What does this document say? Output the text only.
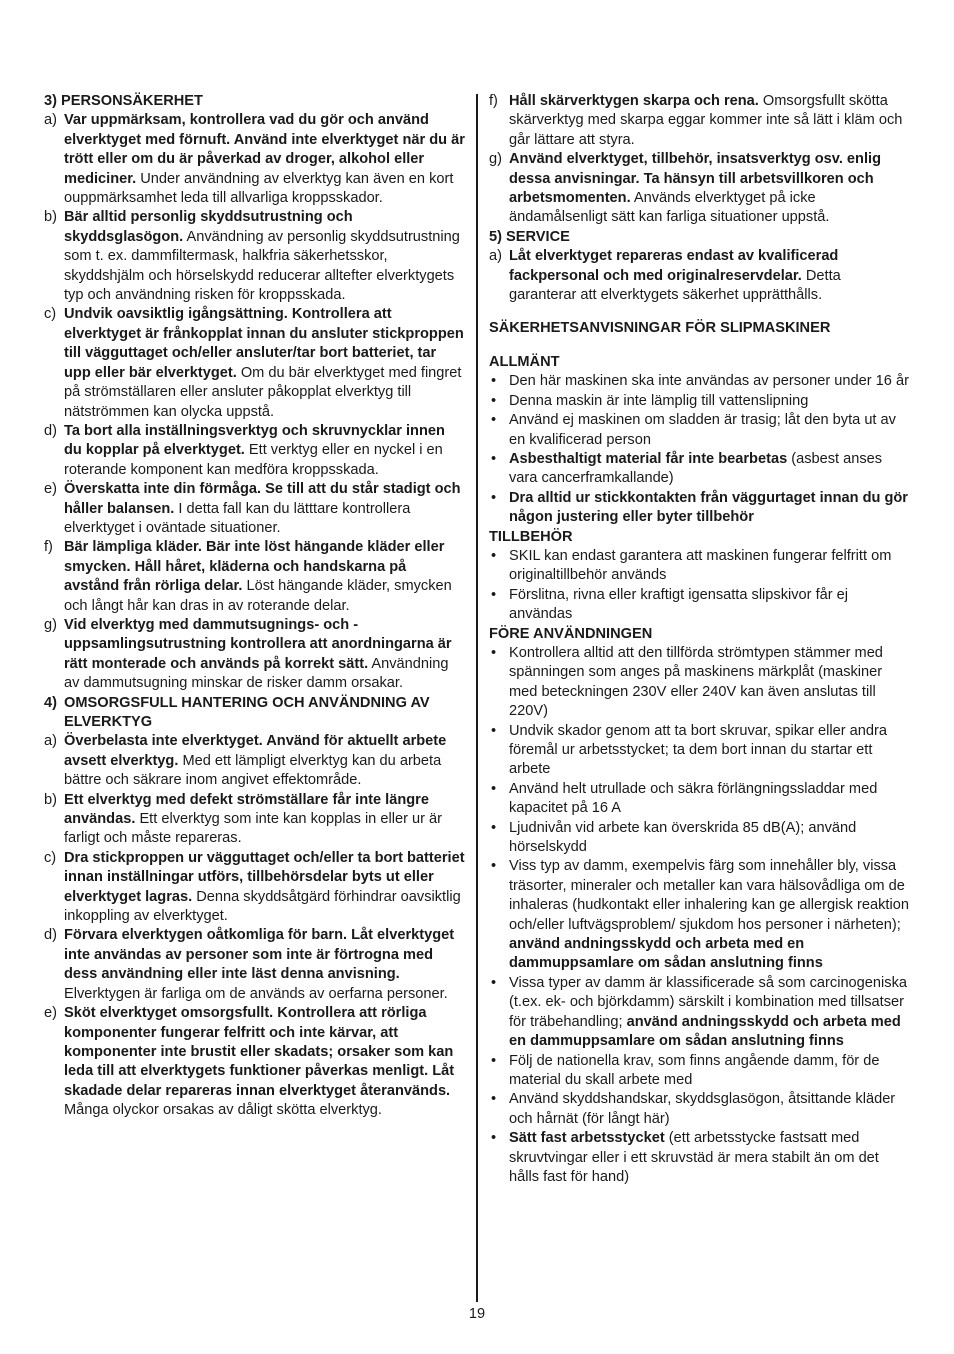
3) PERSONSÄKERHET
a) Var uppmärksam, kontrollera vad du gör och använd elverktyget med förnuft. Använd inte elverktyget när du är trött eller om du är påverkad av droger, alkohol eller mediciner. Under användning av elverktyg kan även en kort ouppmärksamhet leda till allvarliga kroppsskador.
b) Bär alltid personlig skyddsutrustning och skyddsglasögon. Användning av personlig skyddsutrustning som t. ex. dammfiltermask, halkfria säkerhetsskor, skyddshjälm och hörselskydd reducerar alltefter elverktygets typ och användning risken för kroppsskada.
c) Undvik oavsiktlig igångsättning. Kontrollera att elverktyget är frånkopplat innan du ansluter stickproppen till vägguttaget och/eller ansluter/tar bort batteriet, tar upp eller bär elverktyget. Om du bär elverktyget med fingret på strömställaren eller ansluter påkopplat elverktyg till nätströmmen kan olycka uppstå.
d) Ta bort alla inställningsverktyg och skruvnycklar innen du kopplar på elverktyget. Ett verktyg eller en nyckel i en roterande komponent kan medföra kroppsskada.
e) Överskatta inte din förmåga. Se till att du står stadigt och håller balansen. I detta fall kan du lätttare kontrollera elverktyget i oväntade situationer.
f) Bär lämpliga kläder. Bär inte löst hängande kläder eller smycken. Håll håret, kläderna och handskarna på avstånd från rörliga delar. Löst hängande kläder, smycken och långt hår kan dras in av roterande delar.
g) Vid elverktyg med dammutsugnings- och -uppsamlingsutrustning kontrollera att anordningarna är rätt monterade och används på korrekt sätt. Användning av dammutsugning minskar de risker damm orsakar.
4) OMSORGSFULL HANTERING OCH ANVÄNDNING AV ELVERKTYG
a) Överbelasta inte elverktyget. Använd för aktuellt arbete avsett elverktyg. Med ett lämpligt elverktyg kan du arbeta bättre och säkrare inom angivet effektområde.
b) Ett elverktyg med defekt strömställare får inte längre användas. Ett elverktyg som inte kan kopplas in eller ur är farligt och måste repareras.
c) Dra stickproppen ur vägguttaget och/eller ta bort batteriet innan inställningar utförs, tillbehörsdelar byts ut eller elverktyget lagras. Denna skyddsåtgärd förhindrar oavsiktlig inkoppling av elverktyget.
d) Förvara elverktygen oåtkomliga för barn. Låt elverktyget inte användas av personer som inte är förtrogna med dess användning eller inte läst denna anvisning. Elverktygen är farliga om de används av oerfarna personer.
e) Sköt elverktyget omsorgsfullt. Kontrollera att rörliga komponenter fungerar felfritt och inte kärvar, att komponenter inte brustit eller skadats; orsaker som kan leda till att elverktygets funktioner påverkas menligt. Låt skadade delar repareras innan elverktyget återanvänds. Många olyckor orsakas av dåligt skötta elverktyg.
f) Håll skärverktygen skarpa och rena. Omsorgsfullt skötta skärverktyg med skarpa eggar kommer inte så lätt i kläm och går lättare att styra.
g) Använd elverktyget, tillbehör, insatsverktyg osv. enlig dessa anvisningar. Ta hänsyn till arbetsvillkoren och arbetsmomenten. Används elverktyget på icke ändamålsenligt sätt kan farliga situationer uppstå.
5) SERVICE
a) Låt elverktyget repareras endast av kvalificerad fackpersonal och med originalreservdelar. Detta garanterar att elverktygets säkerhet upprätthålls.
SÄKERHETSANVISNINGAR FÖR SLIPMASKINER
ALLMÄNT
• Den här maskinen ska inte användas av personer under 16 år
• Denna maskin är inte lämplig till vattenslipning
• Använd ej maskinen om sladden är trasig; låt den byta ut av en kvalificerad person
• Asbesthaltigt material får inte bearbetas (asbest anses vara cancerframkallande)
• Dra alltid ur stickkontakten från väggurtaget innan du gör någon justering eller byter tillbehör
TILLBEHÖR
• SKIL kan endast garantera att maskinen fungerar felfritt om originaltillbehör används
• Förslitna, rivna eller kraftigt igensatta slipskivor får ej användas
FÖRE ANVÄNDNINGEN
• Kontrollera alltid att den tillförda strömtypen stämmer med spänningen som anges på maskinens märkplåt (maskiner med beteckningen 230V eller 240V kan även anslutas till 220V)
• Undvik skador genom att ta bort skruvar, spikar eller andra föremål ur arbetsstycket; ta dem bort innan du startar ett arbete
• Använd helt utrullade och säkra förlängningssladdar med kapacitet på 16 A
• Ljudnivån vid arbete kan överskrida 85 dB(A); använd hörselskydd
• Viss typ av damm, exempelvis färg som innehåller bly, vissa träsorter, mineraler och metaller kan vara hälsovådliga om de inhaleras (hudkontakt eller inhalering kan ge allergisk reaktion och/eller luftvägsproblem/ sjukdom hos personer i närheten); använd andningsskydd och arbeta med en dammuppsamlare om sådan anslutning finns
• Vissa typer av damm är klassificerade så som carcinogeniska (t.ex. ek- och björkdamm) särskilt i kombination med tillsatser för träbehandling; använd andningsskydd och arbeta med en dammuppsamlare om sådan anslutning finns
• Följ de nationella krav, som finns angående damm, för de material du skall arbete med
• Använd skyddshandskar, skyddsglasögon, åtsittande kläder och hårnät (för långt här)
• Sätt fast arbetsstycket (ett arbetsstycke fastsatt med skruvtvingar eller i ett skruvstäd är mera stabilt än om det hålls fast för hand)
19
